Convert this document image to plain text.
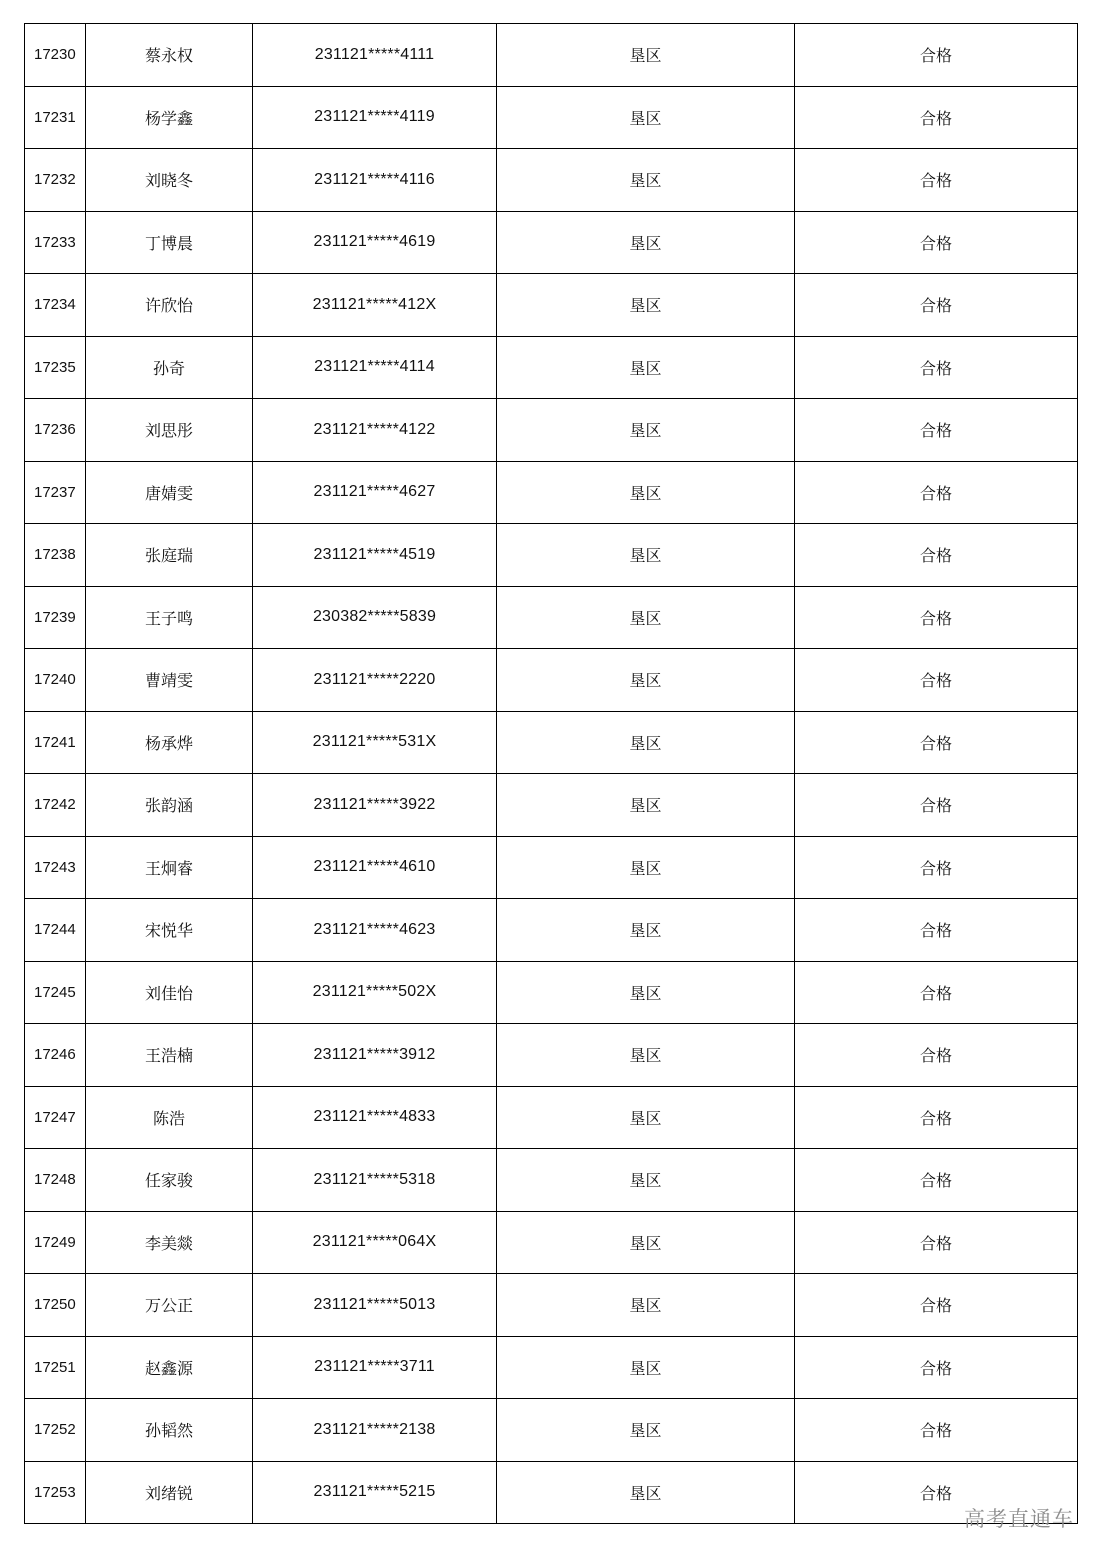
17230	蔡永权	231121*****4111	垦区	合格
17231	杨学鑫	231121*****4119	垦区	合格
17232	刘晓冬	231121*****4116	垦区	合格
17233	丁博晨	231121*****4619	垦区	合格
17234	许欣怡	231121*****412X	垦区	合格
17235	孙奇	231121*****4114	垦区	合格
17236	刘思彤	231121*****4122	垦区	合格
17237	唐婧雯	231121*****4627	垦区	合格
17238	张庭瑞	231121*****4519	垦区	合格
17239	王子鸣	230382*****5839	垦区	合格
17240	曹靖雯	231121*****2220	垦区	合格
17241	杨承烨	231121*****531X	垦区	合格
17242	张韵涵	231121*****3922	垦区	合格
17243	王炯睿	231121*****4610	垦区	合格
17244	宋悦华	231121*****4623	垦区	合格
17245	刘佳怡	231121*****502X	垦区	合格
17246	王浩楠	231121*****3912	垦区	合格
17247	陈浩	231121*****4833	垦区	合格
17248	任家骏	231121*****5318	垦区	合格
17249	李美燚	231121*****064X	垦区	合格
17250	万公正	231121*****5013	垦区	合格
17251	赵鑫源	231121*****3711	垦区	合格
17252	孙韬然	231121*****2138	垦区	合格
17253	刘绪锐	231121*****5215	垦区	合格
高考直通车
